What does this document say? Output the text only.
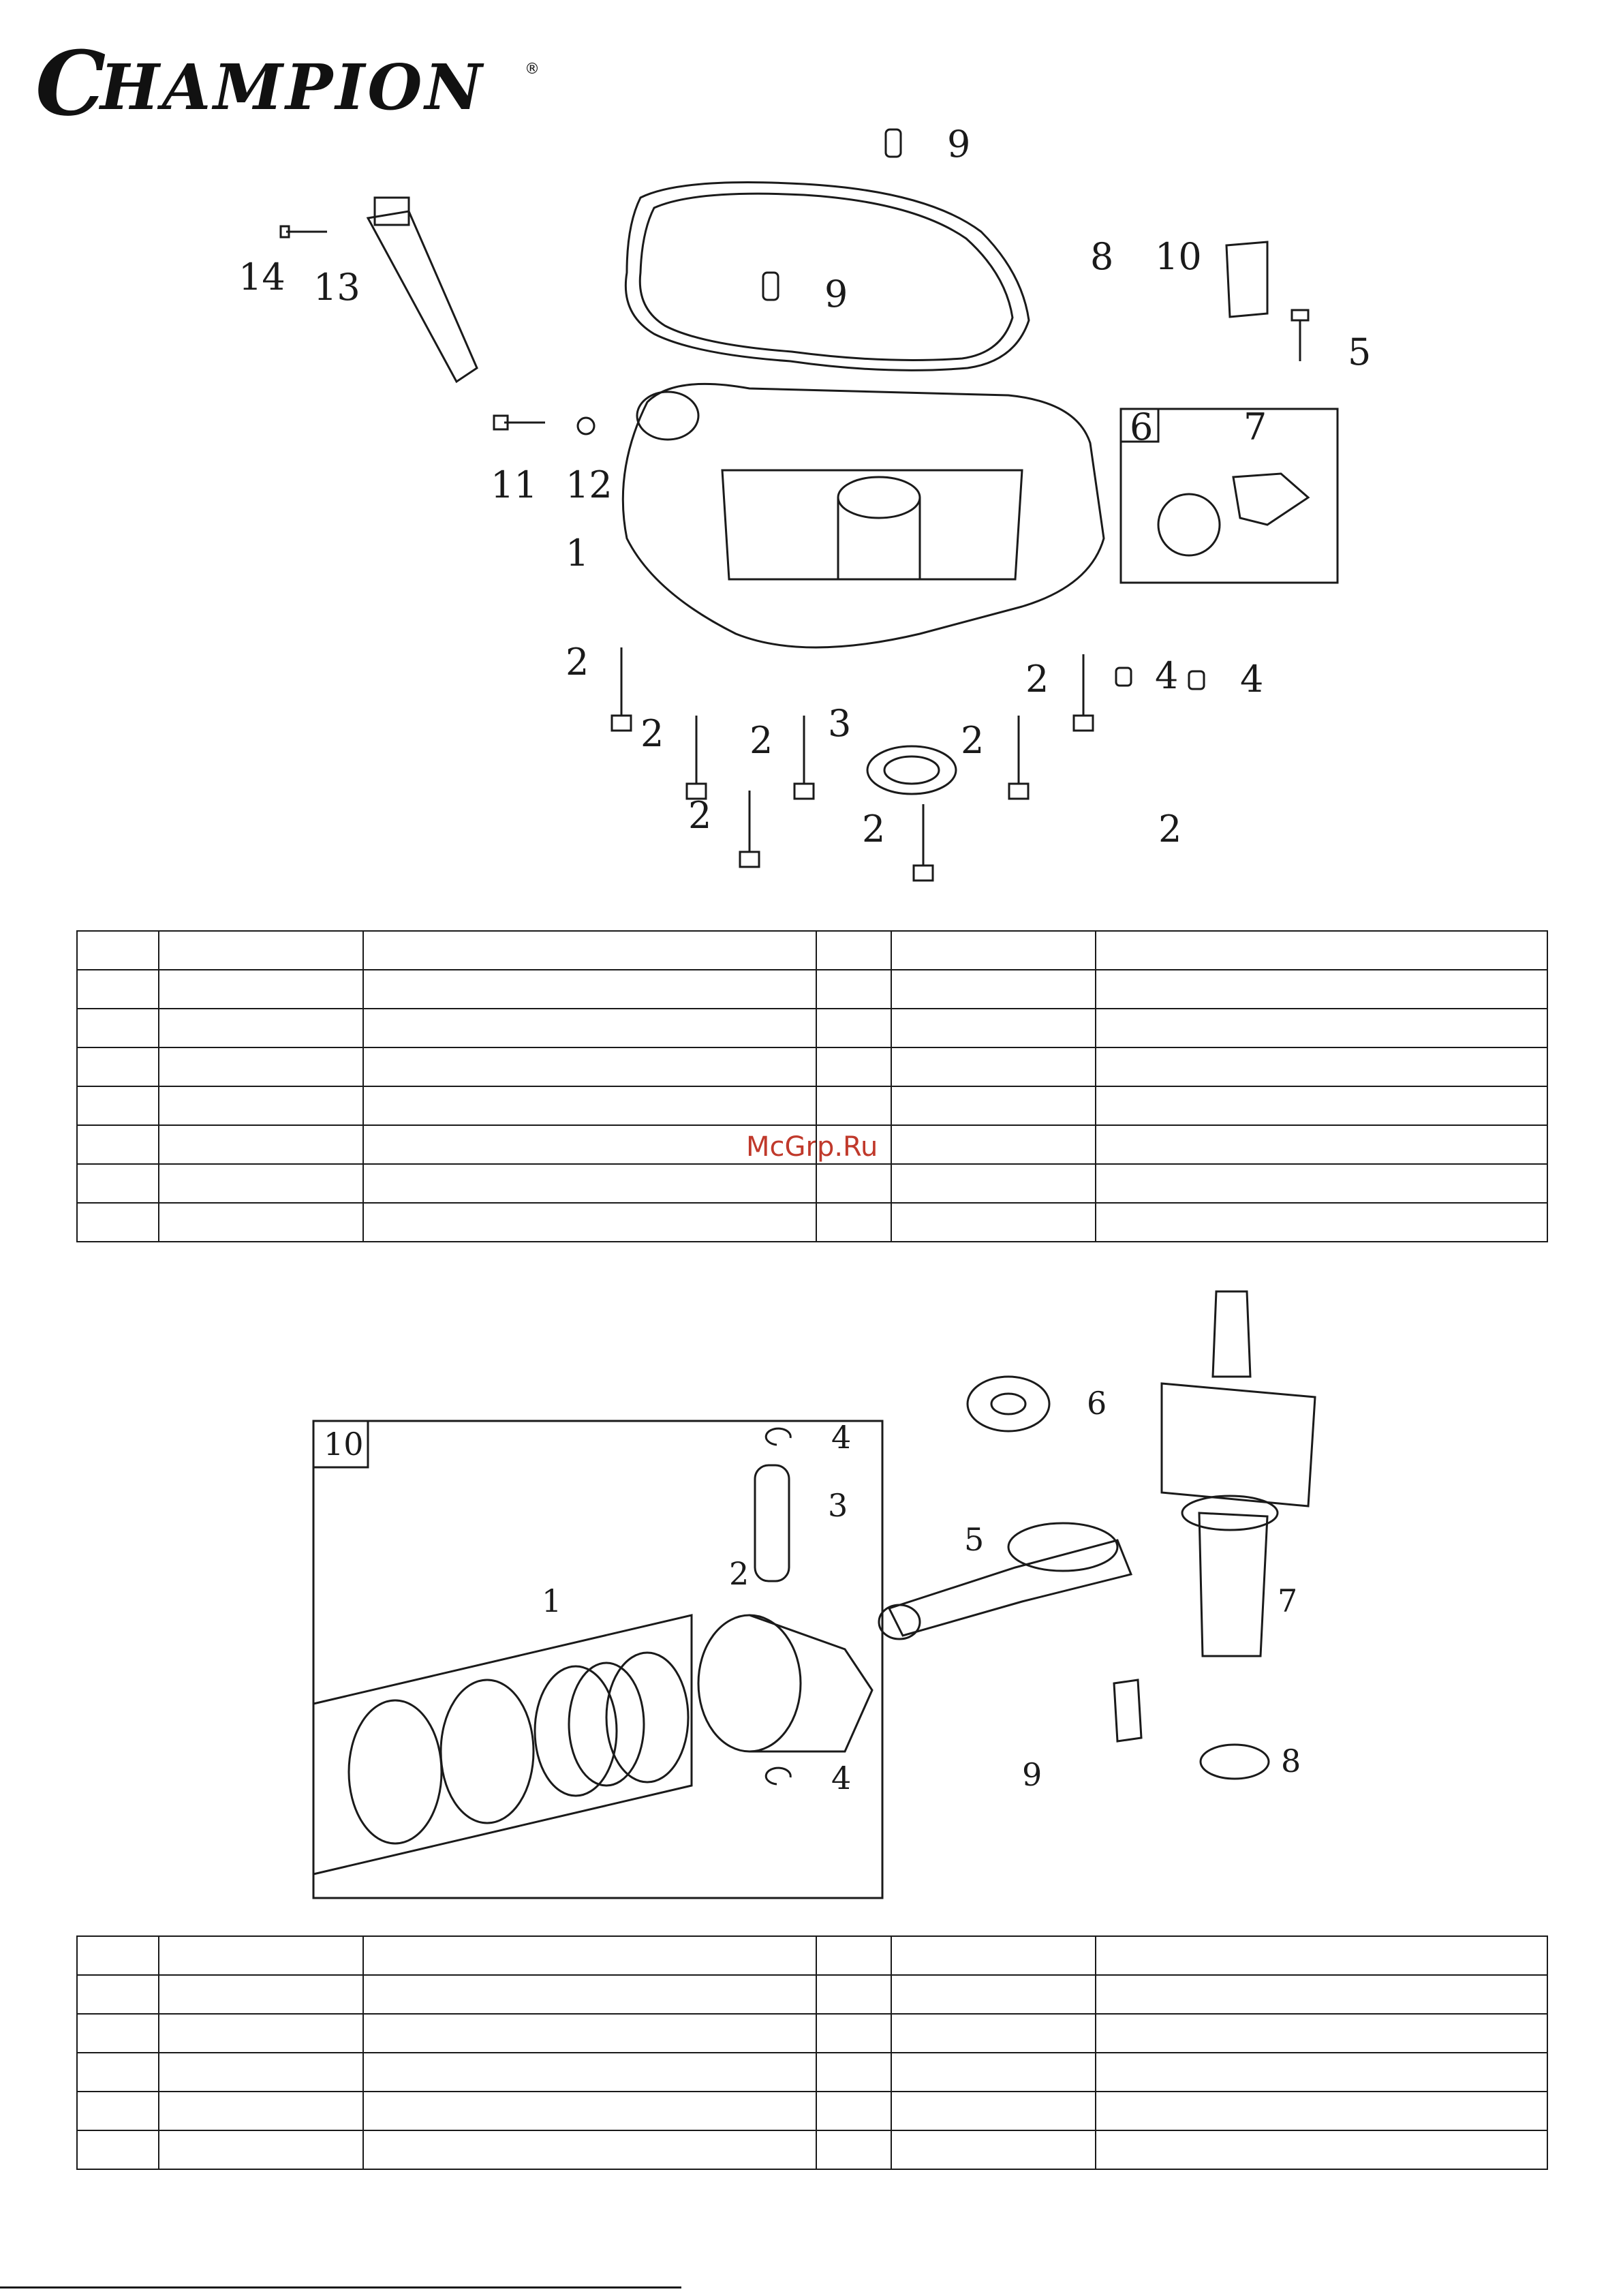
C
HAMPION	®
1
2
2 2	2
2
2	2	2
3
4 4
5
6 7
8
9
9
10
11 12
13
14
McGrp.Ru

1
2
3
4
4
5
6
7
8
9
10
